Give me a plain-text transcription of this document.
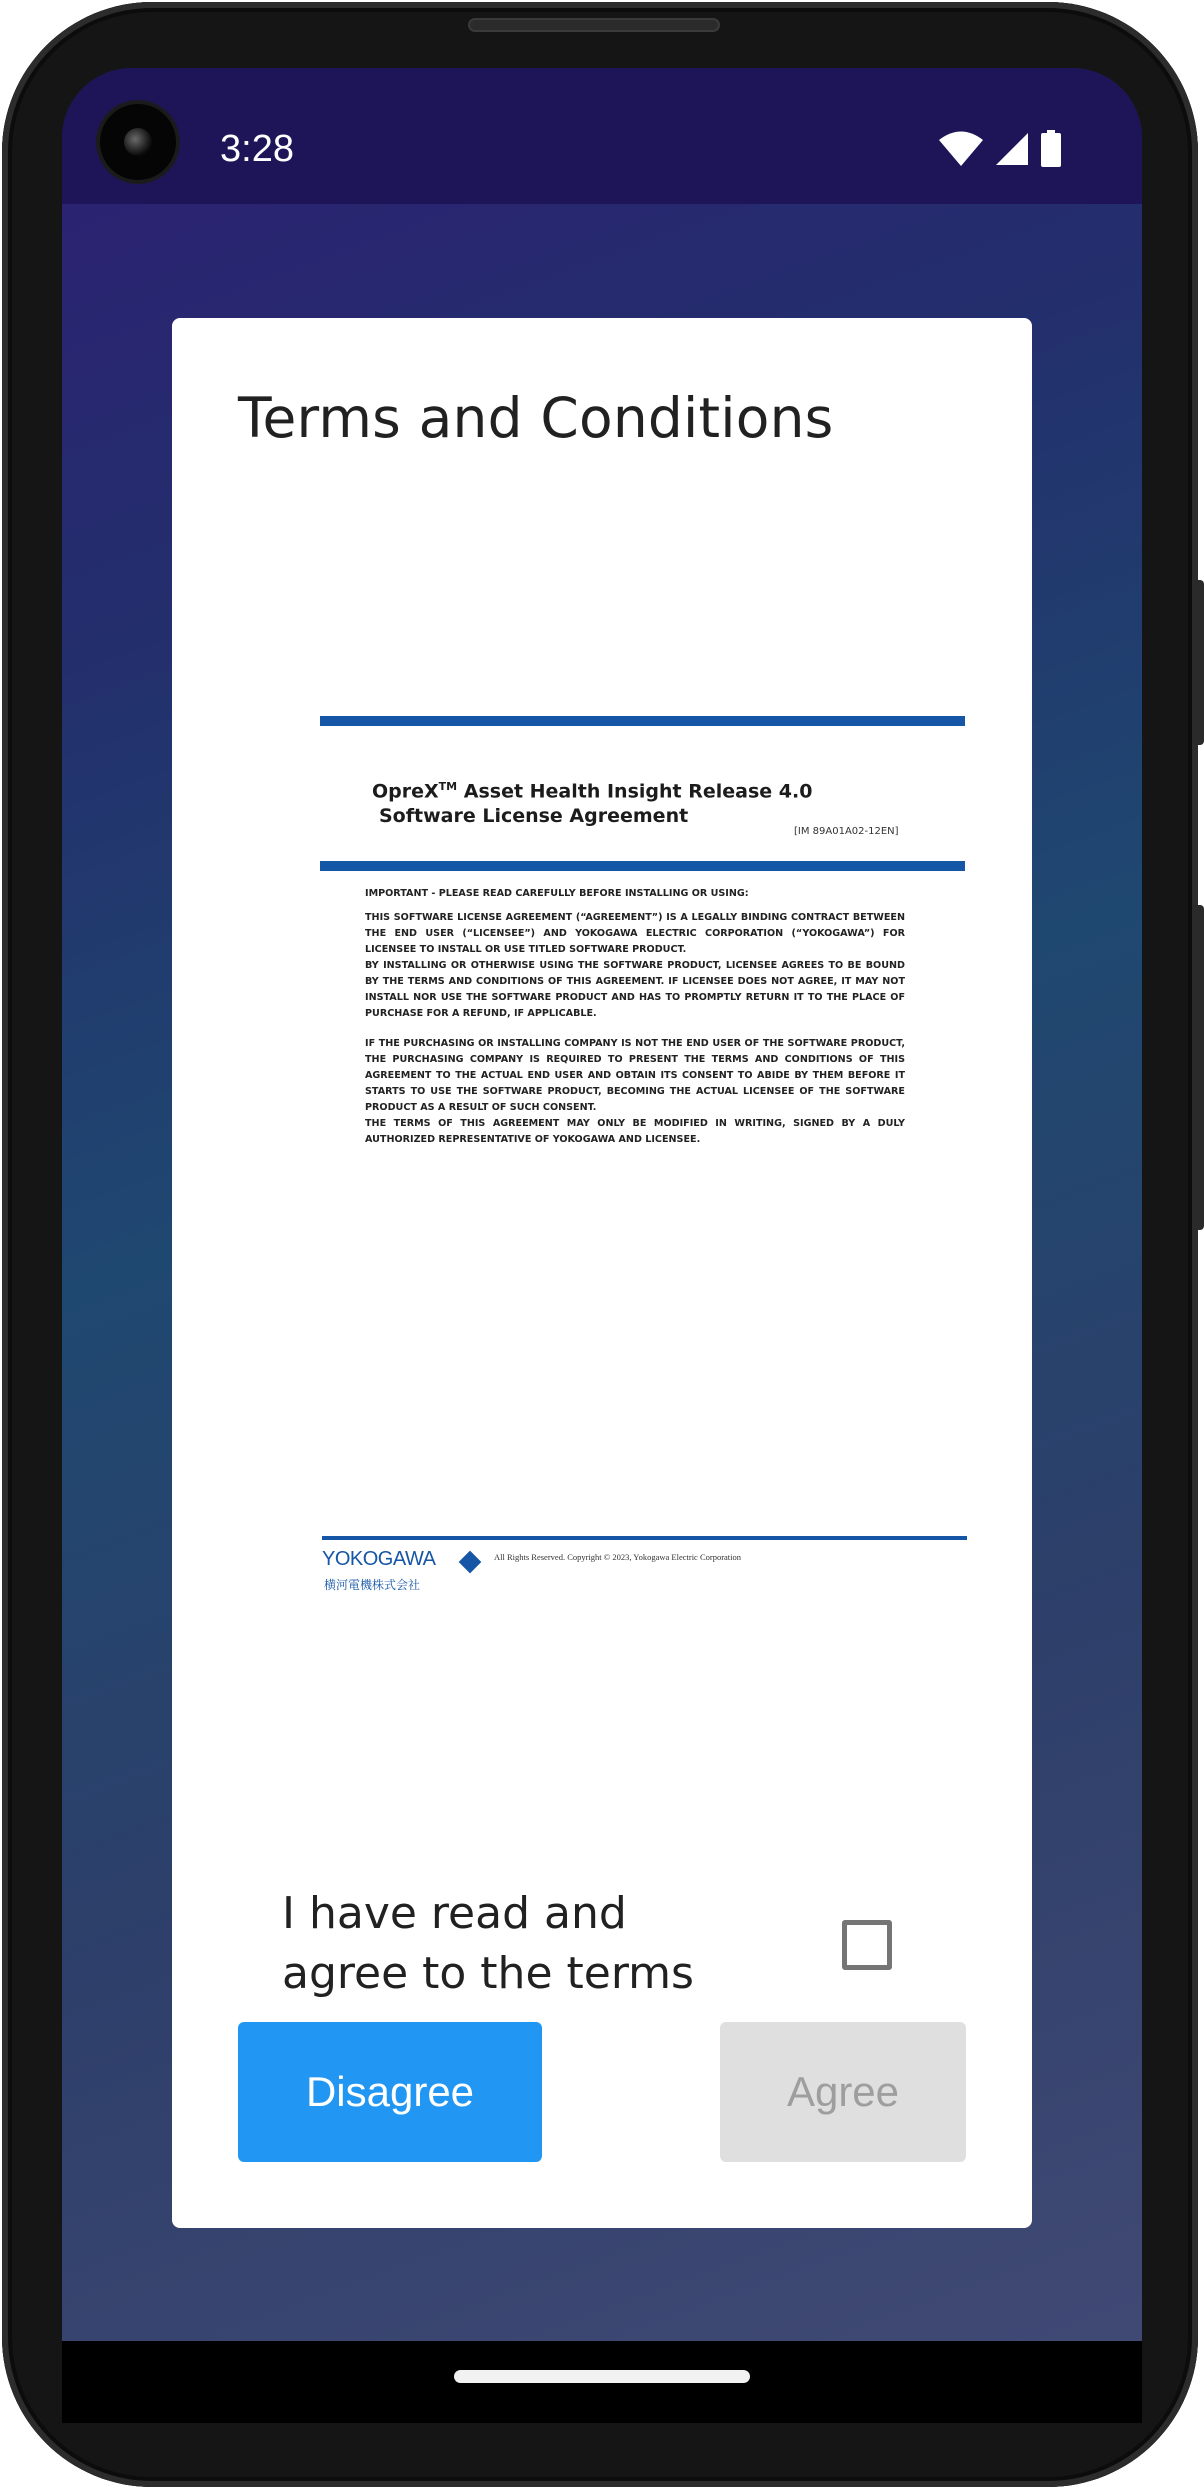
3:28
Terms and Conditions
OpreX™ Asset Health Insight Release 4.0
Software License Agreement
[IM 89A01A02-12EN]

IMPORTANT - PLEASE READ CAREFULLY BEFORE INSTALLING OR USING:

THIS SOFTWARE LICENSE AGREEMENT (“AGREEMENT”) IS A LEGALLY BINDING CONTRACT BETWEEN THE END USER (“LICENSEE”) AND YOKOGAWA ELECTRIC CORPORATION (“YOKOGAWA”) FOR LICENSEE TO INSTALL OR USE TITLED SOFTWARE PRODUCT.

BY INSTALLING OR OTHERWISE USING THE SOFTWARE PRODUCT, LICENSEE AGREES TO BE BOUND BY THE TERMS AND CONDITIONS OF THIS AGREEMENT. IF LICENSEE DOES NOT AGREE, IT MAY NOT INSTALL NOR USE THE SOFTWARE PRODUCT AND HAS TO PROMPTLY RETURN IT TO THE PLACE OF PURCHASE FOR A REFUND, IF APPLICABLE.

IF THE PURCHASING OR INSTALLING COMPANY IS NOT THE END USER OF THE SOFTWARE PRODUCT, THE PURCHASING COMPANY IS REQUIRED TO PRESENT THE TERMS AND CONDITIONS OF THIS AGREEMENT TO THE ACTUAL END USER AND OBTAIN ITS CONSENT TO ABIDE BY THEM BEFORE IT STARTS TO USE THE SOFTWARE PRODUCT, BECOMING THE ACTUAL LICENSEE OF THE SOFTWARE PRODUCT AS A RESULT OF SUCH CONSENT.

THE TERMS OF THIS AGREEMENT MAY ONLY BE MODIFIED IN WRITING, SIGNED BY A DULY AUTHORIZED REPRESENTATIVE OF YOKOGAWA AND LICENSEE.

YOKOGAWA
横河電機株式会社
All Rights Reserved. Copyright © 2023, Yokogawa Electric Corporation
I have read and agree to the terms
Disagree	Agree
